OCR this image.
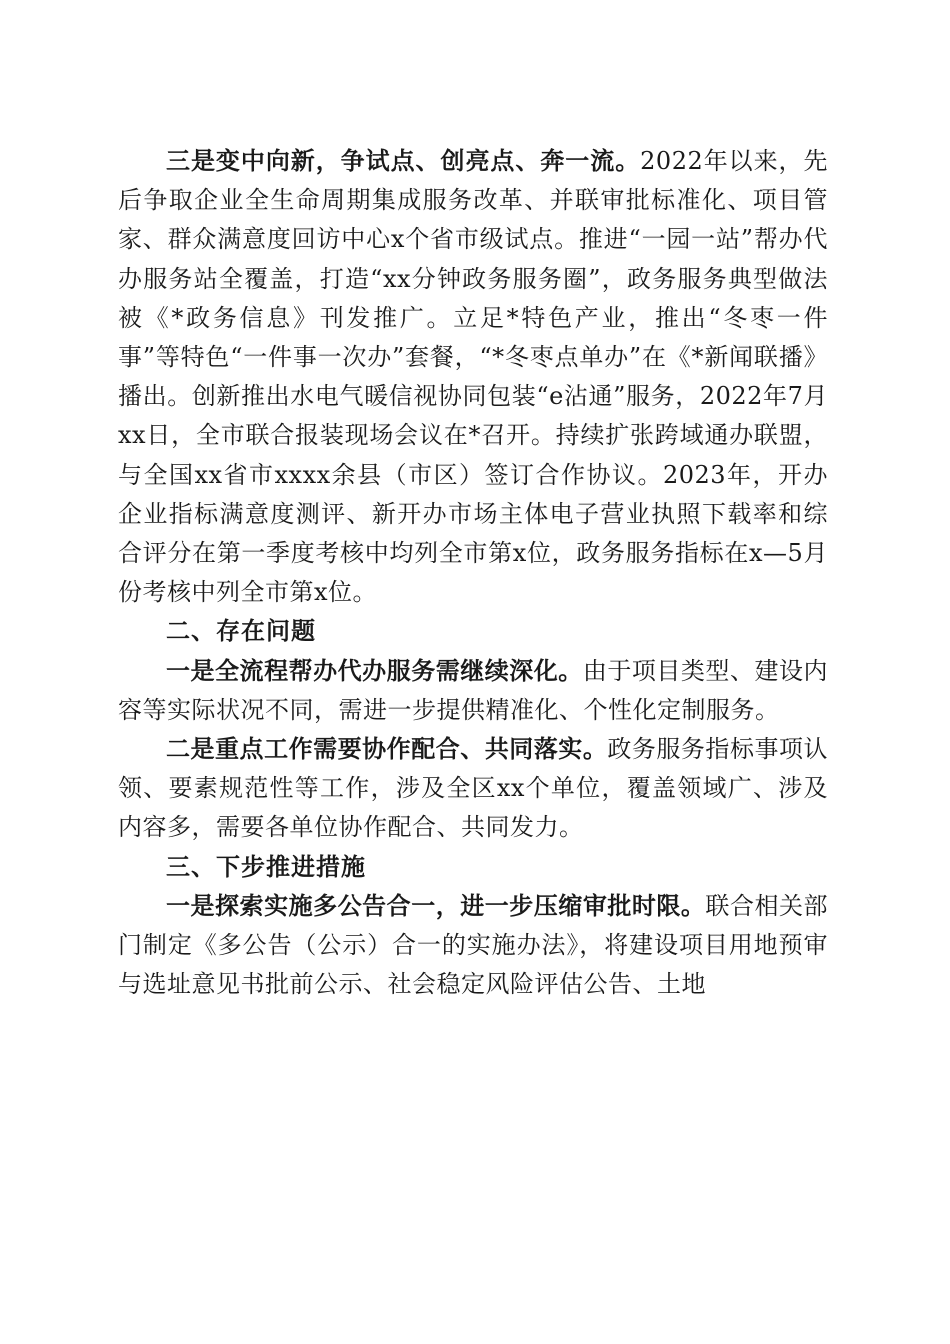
三是变中向新，争试点、创亮点、奔一流。2022年以来，先后争取企业全生命周期集成服务改革、并联审批标准化、项目管家、群众满意度回访中心x个省市级试点。推进“一园一站”帮办代办服务站全覆盖，打造“xx分钟政务服务圈”，政务服务典型做法被《*政务信息》刊发推广。立足*特色产业，推出“冬枣一件事”等特色“一件事一次办”套餐，“*冬枣点单办”在《*新闻联播》播出。创新推出水电气暖信视协同包装“e沾通”服务，2022年7月xx日，全市联合报装现场会议在*召开。持续扩张跨域通办联盟，与全国xx省市xxxx余县（市区）签订合作协议。2023年，开办企业指标满意度测评、新开办市场主体电子营业执照下载率和综合评分在第一季度考核中均列全市第x位，政务服务指标在x—5月份考核中列全市第x位。

二、存在问题

一是全流程帮办代办服务需继续深化。由于项目类型、建设内容等实际状况不同，需进一步提供精准化、个性化定制服务。

二是重点工作需要协作配合、共同落实。政务服务指标事项认领、要素规范性等工作，涉及全区xx个单位，覆盖领域广、涉及内容多，需要各单位协作配合、共同发力。

三、下步推进措施

一是探索实施多公告合一，进一步压缩审批时限。联合相关部门制定《多公告（公示）合一的实施办法》，将建设项目用地预审与选址意见书批前公示、社会稳定风险评估公告、土地
